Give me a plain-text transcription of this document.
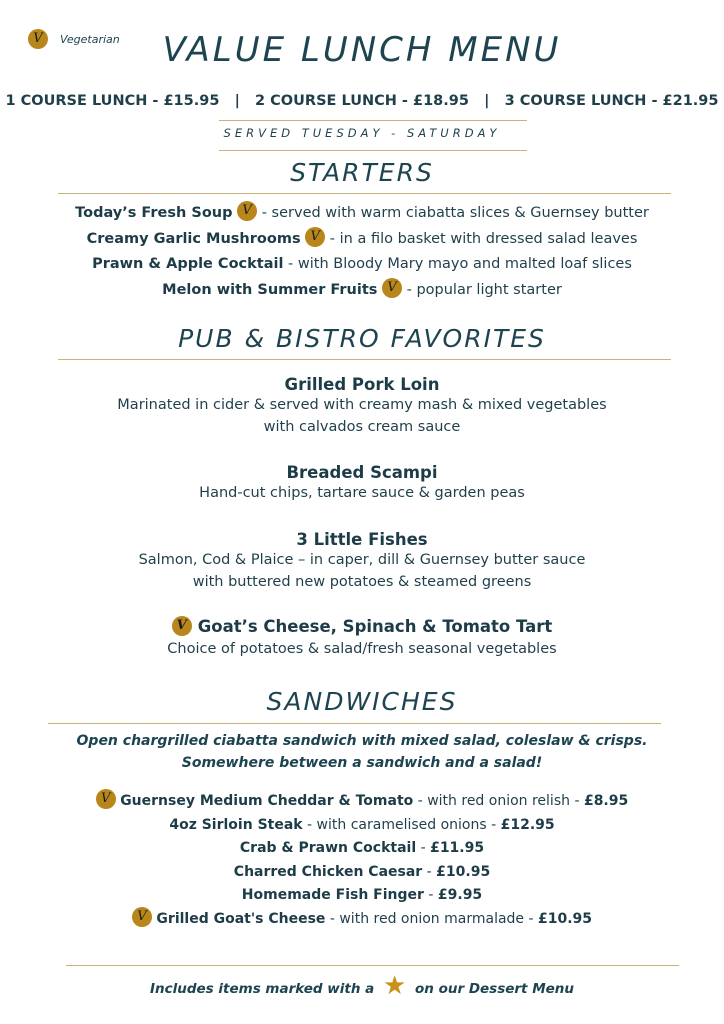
V	Vegetarian	VALUE LUNCH MENU
1 COURSE LUNCH - £15.95 | 2 COURSE LUNCH - £18.95 | 3 COURSE LUNCH - £21.95
SERVED TUESDAY - SATURDAY
STARTERS
Today’s Fresh Soup V - served with warm ciabatta slices & Guernsey butter
Creamy Garlic Mushrooms V - in a filo basket with dressed salad leaves
Prawn & Apple Cocktail - with Bloody Mary mayo and malted loaf slices
Melon with Summer Fruits V - popular light starter
PUB & BISTRO FAVORITES
Grilled Pork Loin
Marinated in cider & served with creamy mash & mixed vegetables
with calvados cream sauce
Breaded Scampi
Hand-cut chips, tartare sauce & garden peas
3 Little Fishes
Salmon, Cod & Plaice – in caper, dill & Guernsey butter sauce
with buttered new potatoes & steamed greens
V Goat’s Cheese, Spinach & Tomato Tart
Choice of potatoes & salad/fresh seasonal vegetables
SANDWICHES
Open chargrilled ciabatta sandwich with mixed salad, coleslaw & crisps.
Somewhere between a sandwich and a salad!
V Guernsey Medium Cheddar & Tomato - with red onion relish - £8.95
4oz Sirloin Steak - with caramelised onions - £12.95
Crab & Prawn Cocktail - £11.95
Charred Chicken Caesar - £10.95
Homemade Fish Finger - £9.95
V Grilled Goat's Cheese - with red onion marmalade - £10.95
Includes items marked with a ★ on our Dessert Menu
